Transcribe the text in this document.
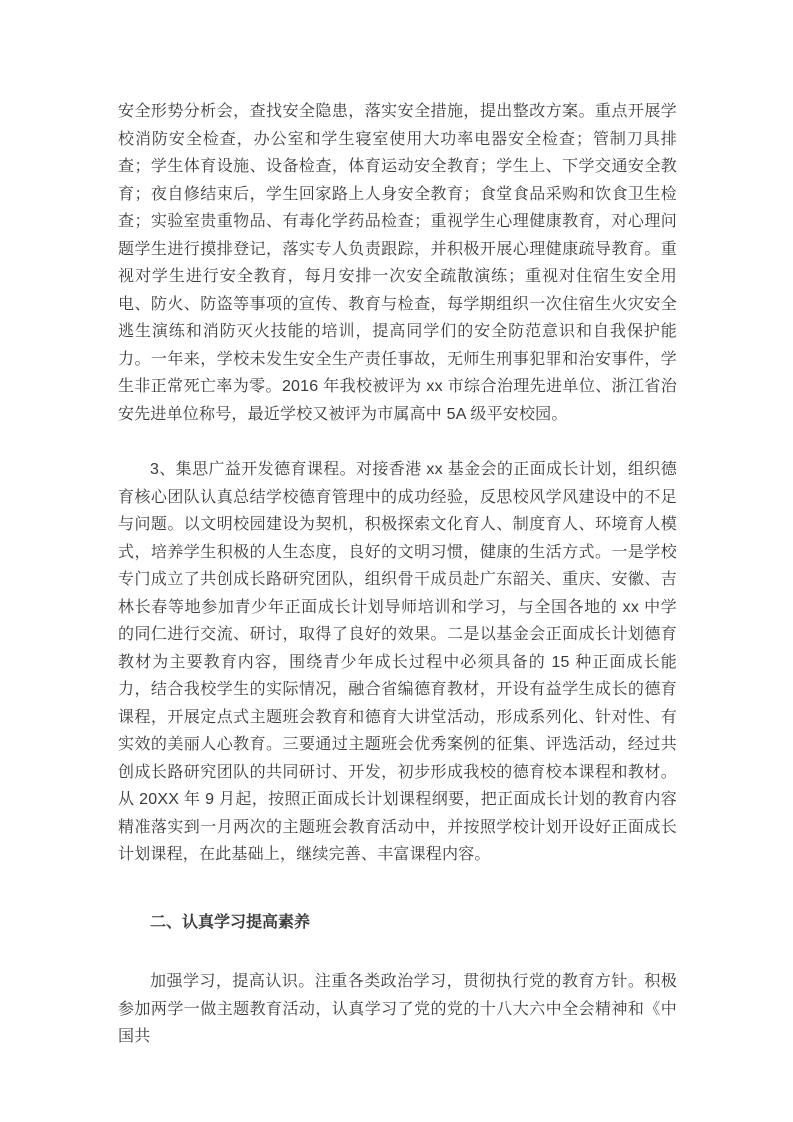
安全形势分析会，查找安全隐患，落实安全措施，提出整改方案。重点开展学校消防安全检查，办公室和学生寝室使用大功率电器安全检查；管制刀具排查；学生体育设施、设备检查，体育运动安全教育；学生上、下学交通安全教育；夜自修结束后，学生回家路上人身安全教育；食堂食品采购和饮食卫生检查；实验室贵重物品、有毒化学药品检查；重视学生心理健康教育，对心理问题学生进行摸排登记，落实专人负责跟踪，并积极开展心理健康疏导教育。重视对学生进行安全教育，每月安排一次安全疏散演练；重视对住宿生安全用电、防火、防盗等事项的宣传、教育与检查，每学期组织一次住宿生火灾安全逃生演练和消防灭火技能的培训，提高同学们的安全防范意识和自我保护能力。一年来，学校未发生安全生产责任事故，无师生刑事犯罪和治安事件，学生非正常死亡率为零。2016 年我校被评为 xx 市综合治理先进单位、浙江省治安先进单位称号，最近学校又被评为市属高中 5A 级平安校园。

3、集思广益开发德育课程。对接香港 xx 基金会的正面成长计划，组织德育核心团队认真总结学校德育管理中的成功经验，反思校风学风建设中的不足与问题。以文明校园建设为契机，积极探索文化育人、制度育人、环境育人模式，培养学生积极的人生态度，良好的文明习惯，健康的生活方式。一是学校专门成立了共创成长路研究团队，组织骨干成员赴广东韶关、重庆、安徽、吉林长春等地参加青少年正面成长计划导师培训和学习，与全国各地的 xx 中学的同仁进行交流、研讨，取得了良好的效果。二是以基金会正面成长计划德育教材为主要教育内容，围绕青少年成长过程中必须具备的 15 种正面成长能力，结合我校学生的实际情况，融合省编德育教材，开设有益学生成长的德育课程，开展定点式主题班会教育和德育大讲堂活动，形成系列化、针对性、有实效的美丽人心教育。三要通过主题班会优秀案例的征集、评选活动，经过共创成长路研究团队的共同研讨、开发，初步形成我校的德育校本课程和教材。从 20XX 年 9 月起，按照正面成长计划课程纲要，把正面成长计划的教育内容精准落实到一月两次的主题班会教育活动中，并按照学校计划开设好正面成长计划课程，在此基础上，继续完善、丰富课程内容。

二、认真学习提高素养

加强学习，提高认识。注重各类政治学习，贯彻执行党的教育方针。积极参加两学一做主题教育活动，认真学习了党的党的十八大六中全会精神和《中国共
